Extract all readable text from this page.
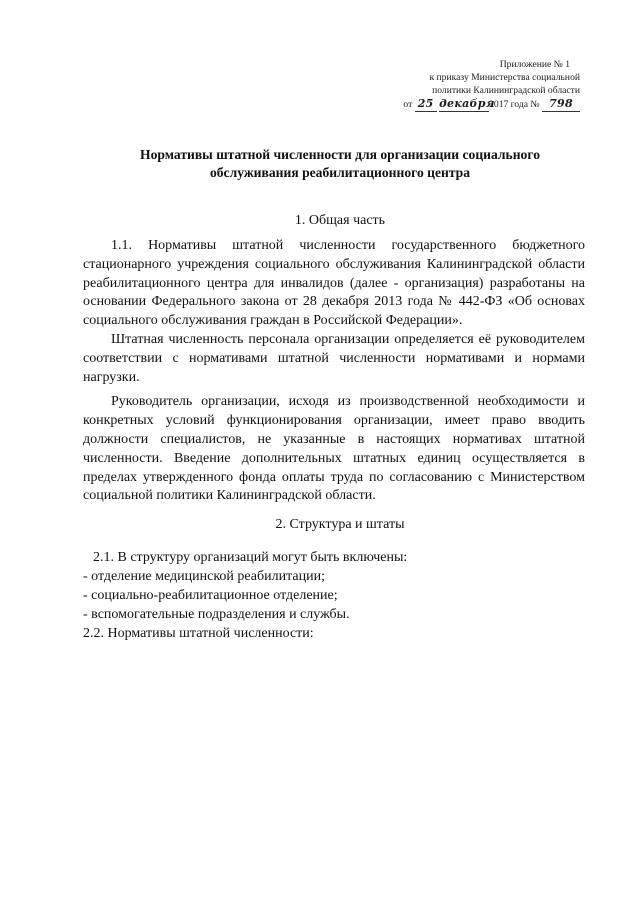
Приложение № 1
к приказу Министерства социальной
политики Калининградской области
от 25 декабря2017 года № 798
Нормативы штатной численности для организации социального
обслуживания реабилитационного центра
1. Общая часть

1.1. Нормативы штатной численности государственного бюджетного стационарного учреждения социального обслуживания Калининградской области реабилитационного центра для инвалидов (далее - организация) разработаны на основании Федерального закона от 28 декабря 2013 года № 442-ФЗ «Об основах социального обслуживания граждан в Российской Федерации».

Штатная численность персонала организации определяется её руководителем соответствии с нормативами штатной численности нормативами и нормами нагрузки.

Руководитель организации, исходя из производственной необходимости и конкретных условий функционирования организации, имеет право вводить должности специалистов, не указанные в настоящих нормативах штатной численности. Введение дополнительных штатных единиц осуществляется в пределах утвержденного фонда оплаты труда по согласованию с Министерством социальной политики Калининградской области.

2. Структура и штаты
2.1. В структуру организаций могут быть включены:
- отделение медицинской реабилитации;
- социально-реабилитационное отделение;
- вспомогательные подразделения и службы.
2.2. Нормативы штатной численности:
